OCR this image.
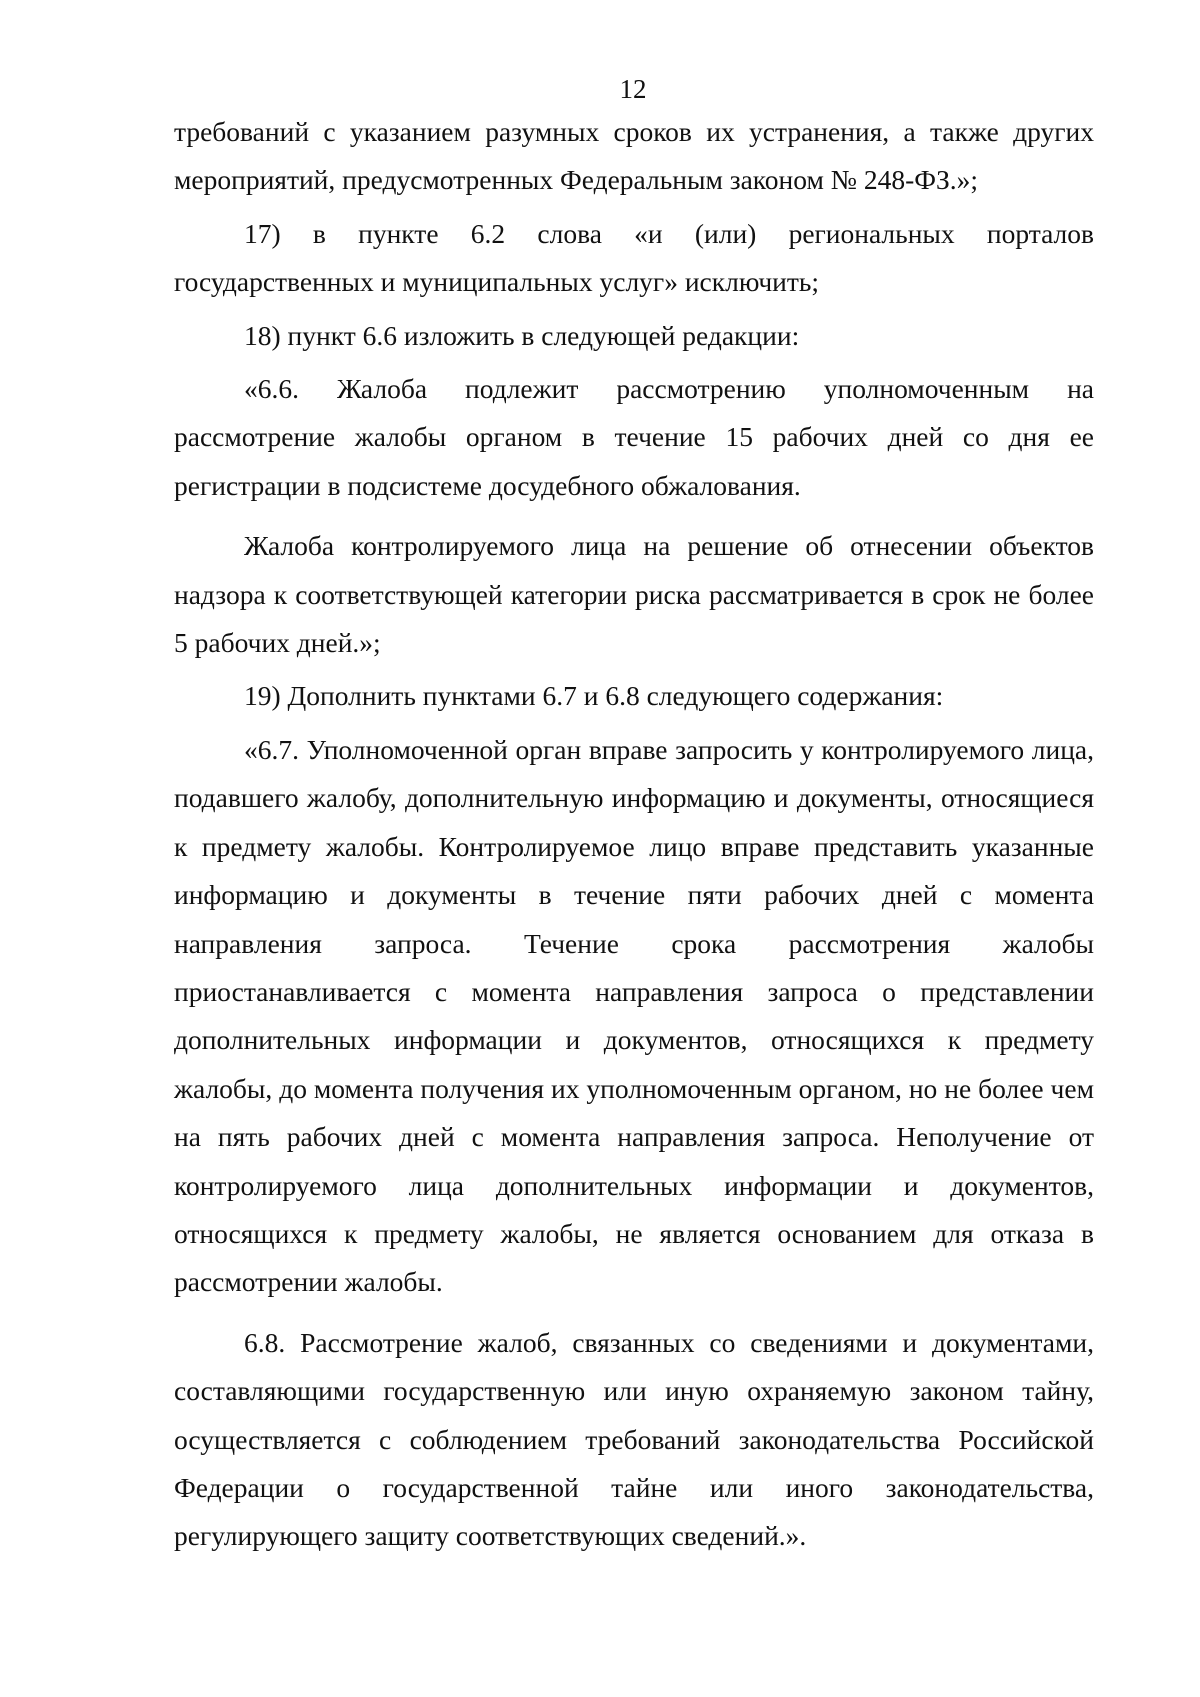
12

требований с указанием разумных сроков их устранения, а также других мероприятий, предусмотренных Федеральным законом № 248-ФЗ.»;

17) в пункте 6.2 слова «и (или) региональных порталов государственных и муниципальных услуг» исключить;

18) пункт 6.6 изложить в следующей редакции:

«6.6. Жалоба подлежит рассмотрению уполномоченным на рассмотрение жалобы органом в течение 15 рабочих дней со дня ее регистрации в подсистеме досудебного обжалования.

Жалоба контролируемого лица на решение об отнесении объектов надзора к соответствующей категории риска рассматривается в срок не более 5 рабочих дней.»;

19) Дополнить пунктами 6.7 и 6.8 следующего содержания:

«6.7. Уполномоченной орган вправе запросить у контролируемого лица, подавшего жалобу, дополнительную информацию и документы, относящиеся к предмету жалобы. Контролируемое лицо вправе представить указанные информацию и документы в течение пяти рабочих дней с момента направления запроса. Течение срока рассмотрения жалобы приостанавливается с момента направления запроса о представлении дополнительных информации и документов, относящихся к предмету жалобы, до момента получения их уполномоченным органом, но не более чем на пять рабочих дней с момента направления запроса. Неполучение от контролируемого лица дополнительных информации и документов, относящихся к предмету жалобы, не является основанием для отказа в рассмотрении жалобы.

6.8. Рассмотрение жалоб, связанных со сведениями и документами, составляющими государственную или иную охраняемую законом тайну, осуществляется с соблюдением требований законодательства Российской Федерации о государственной тайне или иного законодательства, регулирующего защиту соответствующих сведений.».
